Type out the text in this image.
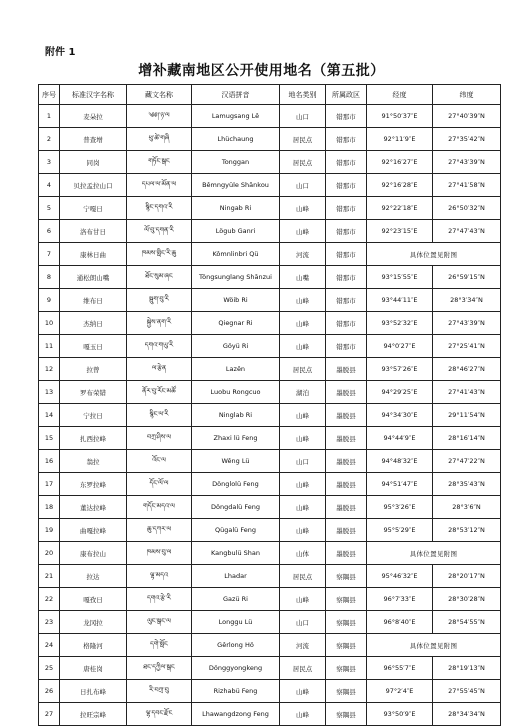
附件 1
增补藏南地区公开使用地名（第五批）
序号	标准汉字名称	藏文名称	汉语拼音	地名类别	所属政区	经度	纬度
1	麦朵拉	༄༅།་ཉ་ལ	Lamugsang Lê	山口	错那市	91°50′37″E	27°40′39″N
2	普查增	ཕུ་ཚེ་གཞི	Lhüchaung	居民点	错那市	92°11′9″E	27°35′42″N
3	同岗	གཏོང་སྒང	Tonggan	居民点	错那市	92°16′27″E	27°43′39″N
4	贝拉孟拉山口	དཔལ་ལ་མོན་ལ	Bêmngyüle Shānkou	山口	错那市	92°16′28″E	27°41′58″N
5	宁嘎日	སྙིང་དགའ་རི	Ningab Ri	山峰	错那市	92°22′18″E	26°50′32″N
6	洛布甘日	ལོ་བུ་དགན་རི	Lögub Ganri	山峰	错那市	92°23′15″E	27°47′43″N
7	康林日曲	ཁམས་གླིང་རི་ཆུ	Kômnlinbri Qü	河流	错那市	具体位置见附图	
8	通松朗山嘴	ཐོང་སུམ་ཞང	Töngsunglang Shānzui	山嘴	错那市	93°15′55″E	26°59′15″N
9	维布日	སྦུག་བུ་རི	Wöib Ri	山峰	错那市	93°44′11″E	28°3′34″N
10	杰纳日	སྐྱེས་ནག་རི	Qiegnar Ri	山峰	错那市	93°52′32″E	27°43′39″N
11	嘎玉日	དགའ་གཡུ་རི	Göyü Ri	山峰	错那市	94°0′27″E	27°25′41″N
12	拉曾	ལ་རྩེན	Lazên	居民点	墨脱县	93°57′26″E	28°46′27″N
13	罗布荣错	ནོར་བུ་རོང་མཚོ	Luobu Rongcuo	湖泊	墨脱县	94°29′25″E	27°41′43″N
14	宁拉日	སྙིང་ལ་རི	Ninglab Ri	山峰	墨脱县	94°34′30″E	29°11′54″N
15	扎西拉峰	བཀྲ་ཤིས་ལ	Zhaxi lü Feng	山峰	墨脱县	94°44′9″E	28°16′14″N
16	翁拉	འོང་ལ	Wêng Lü	山口	墨脱县	94°48′32″E	27°47′22″N
17	东罗拉峰	དོང་ལོ་ལ	Dönglolü Feng	山峰	墨脱县	94°51′47″E	28°35′43″N
18	董达拉峰	གདོང་མདའ་ལ	Döngdalü Feng	山峰	墨脱县	95°3′26″E	28°3′6″N
19	曲嘎拉峰	ཆུ་དཀར་ལ	Qügalü Feng	山峰	墨脱县	95°5′29″E	28°53′12″N
20	康布拉山	ཁམས་བུ་ལ	Kangbulü Shan	山体	墨脱县	具体位置见附图	
21	拉达	ལྷ་མདའ	Lhadar	居民点	察隅县	95°46′32″E	28°20′17″N
22	嘎孜日	དགའ་རྩེ་རི	Gazü Ri	山峰	察隅县	96°7′33″E	28°30′28″N
23	龙冈拉	ལུང་སྒང་ལ	Longgu Lü	山口	察隅县	96°8′40″E	28°54′55″N
24	格隆河	དགེ་སློང	Gêrlong Hö	河流	察隅县	具体位置见附图	
25	唐桂岗	ཐང་དཀྱིལ་སྒང	Dönggyongkeng	居民点	察隅县	96°55′7″E	28°19′13″N
26	日扎布峰	རི་བཀྲ་བུ	Rizhabü Feng	山峰	察隅县	97°2′4″E	27°55′45″N
27	拉旺宗峰	ལྷ་དབང་རྫོང	Lhawangdzong Feng	山峰	察隅县	93°50′9″E	28°34′34″N
